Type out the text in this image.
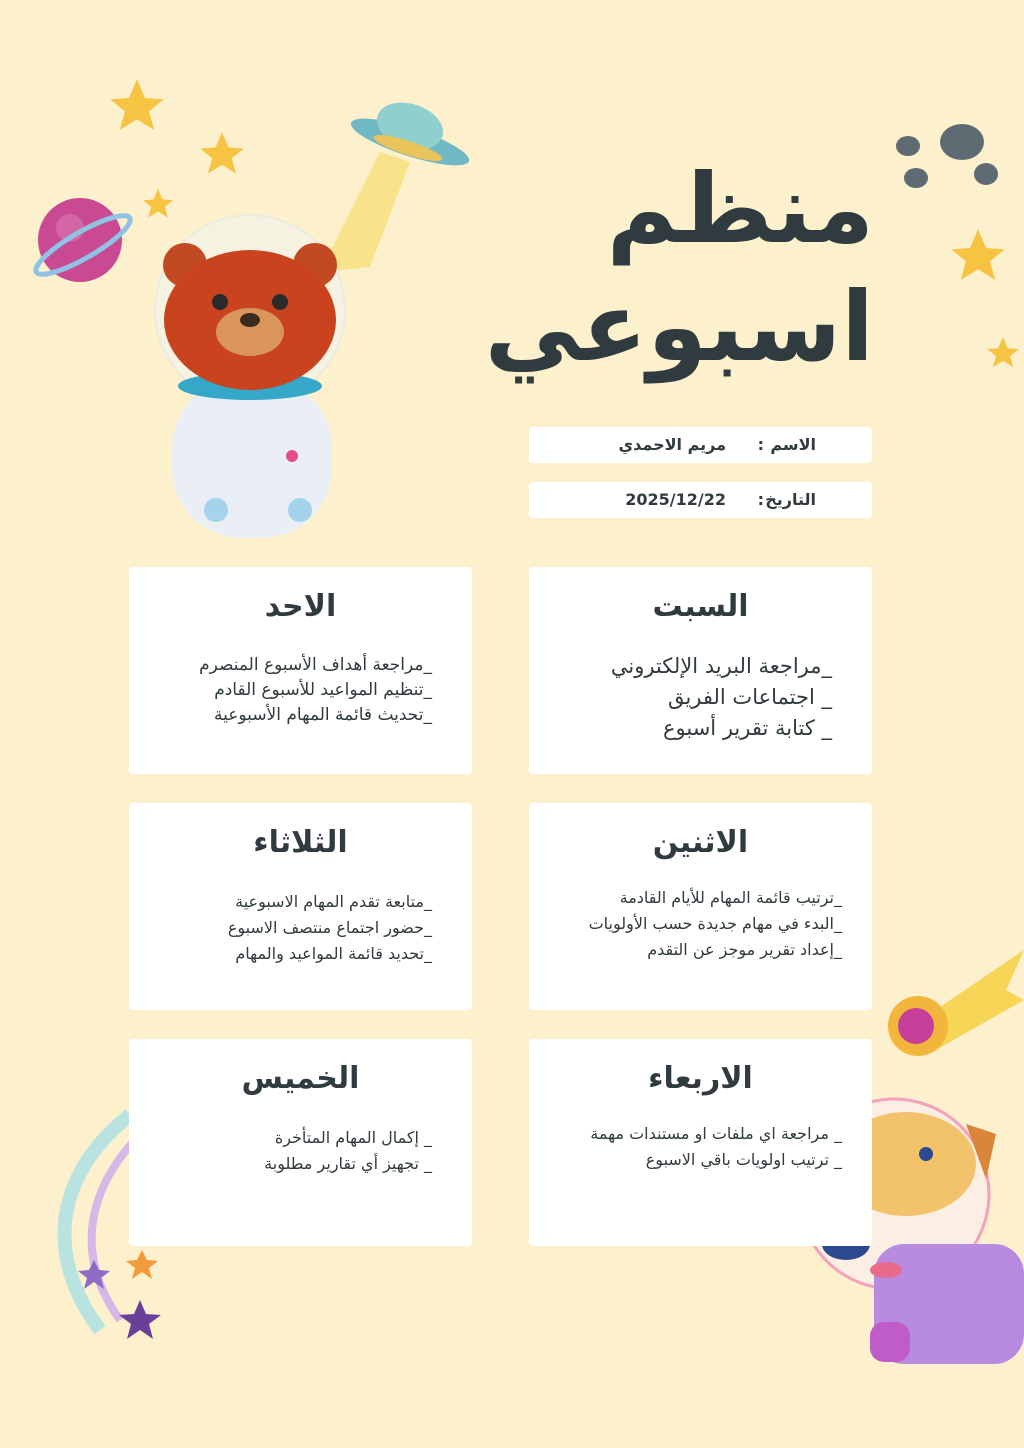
منظم
اسبوعي
الاسم
:
مريم الاحمدي
التاريخ
:
2025/12/22
السبت
_مراجعة البريد الإلكتروني
_ اجتماعات الفريق
_ كتابة تقرير أسبوع
الاحد
_مراجعة أهداف الأسبوع المنصرم
_تنظيم المواعيد للأسبوع القادم
_تحديث قائمة المهام الأسبوعية
الاثنين
_ترتيب قائمة المهام للأيام القادمة
_البدء في مهام جديدة حسب الأولويات
_إعداد تقرير موجز عن التقدم
الثلاثاء
_متابعة تقدم المهام الاسبوعية
_حضور اجتماع منتصف الاسبوع
_تحديد قائمة المواعيد والمهام
الاربعاء
_ مراجعة اي ملفات او مستندات مهمة
_ ترتيب اولويات باقي الاسبوع
الخميس
_ إكمال المهام المتأخرة
_ تجهيز أي تقارير مطلوبة
